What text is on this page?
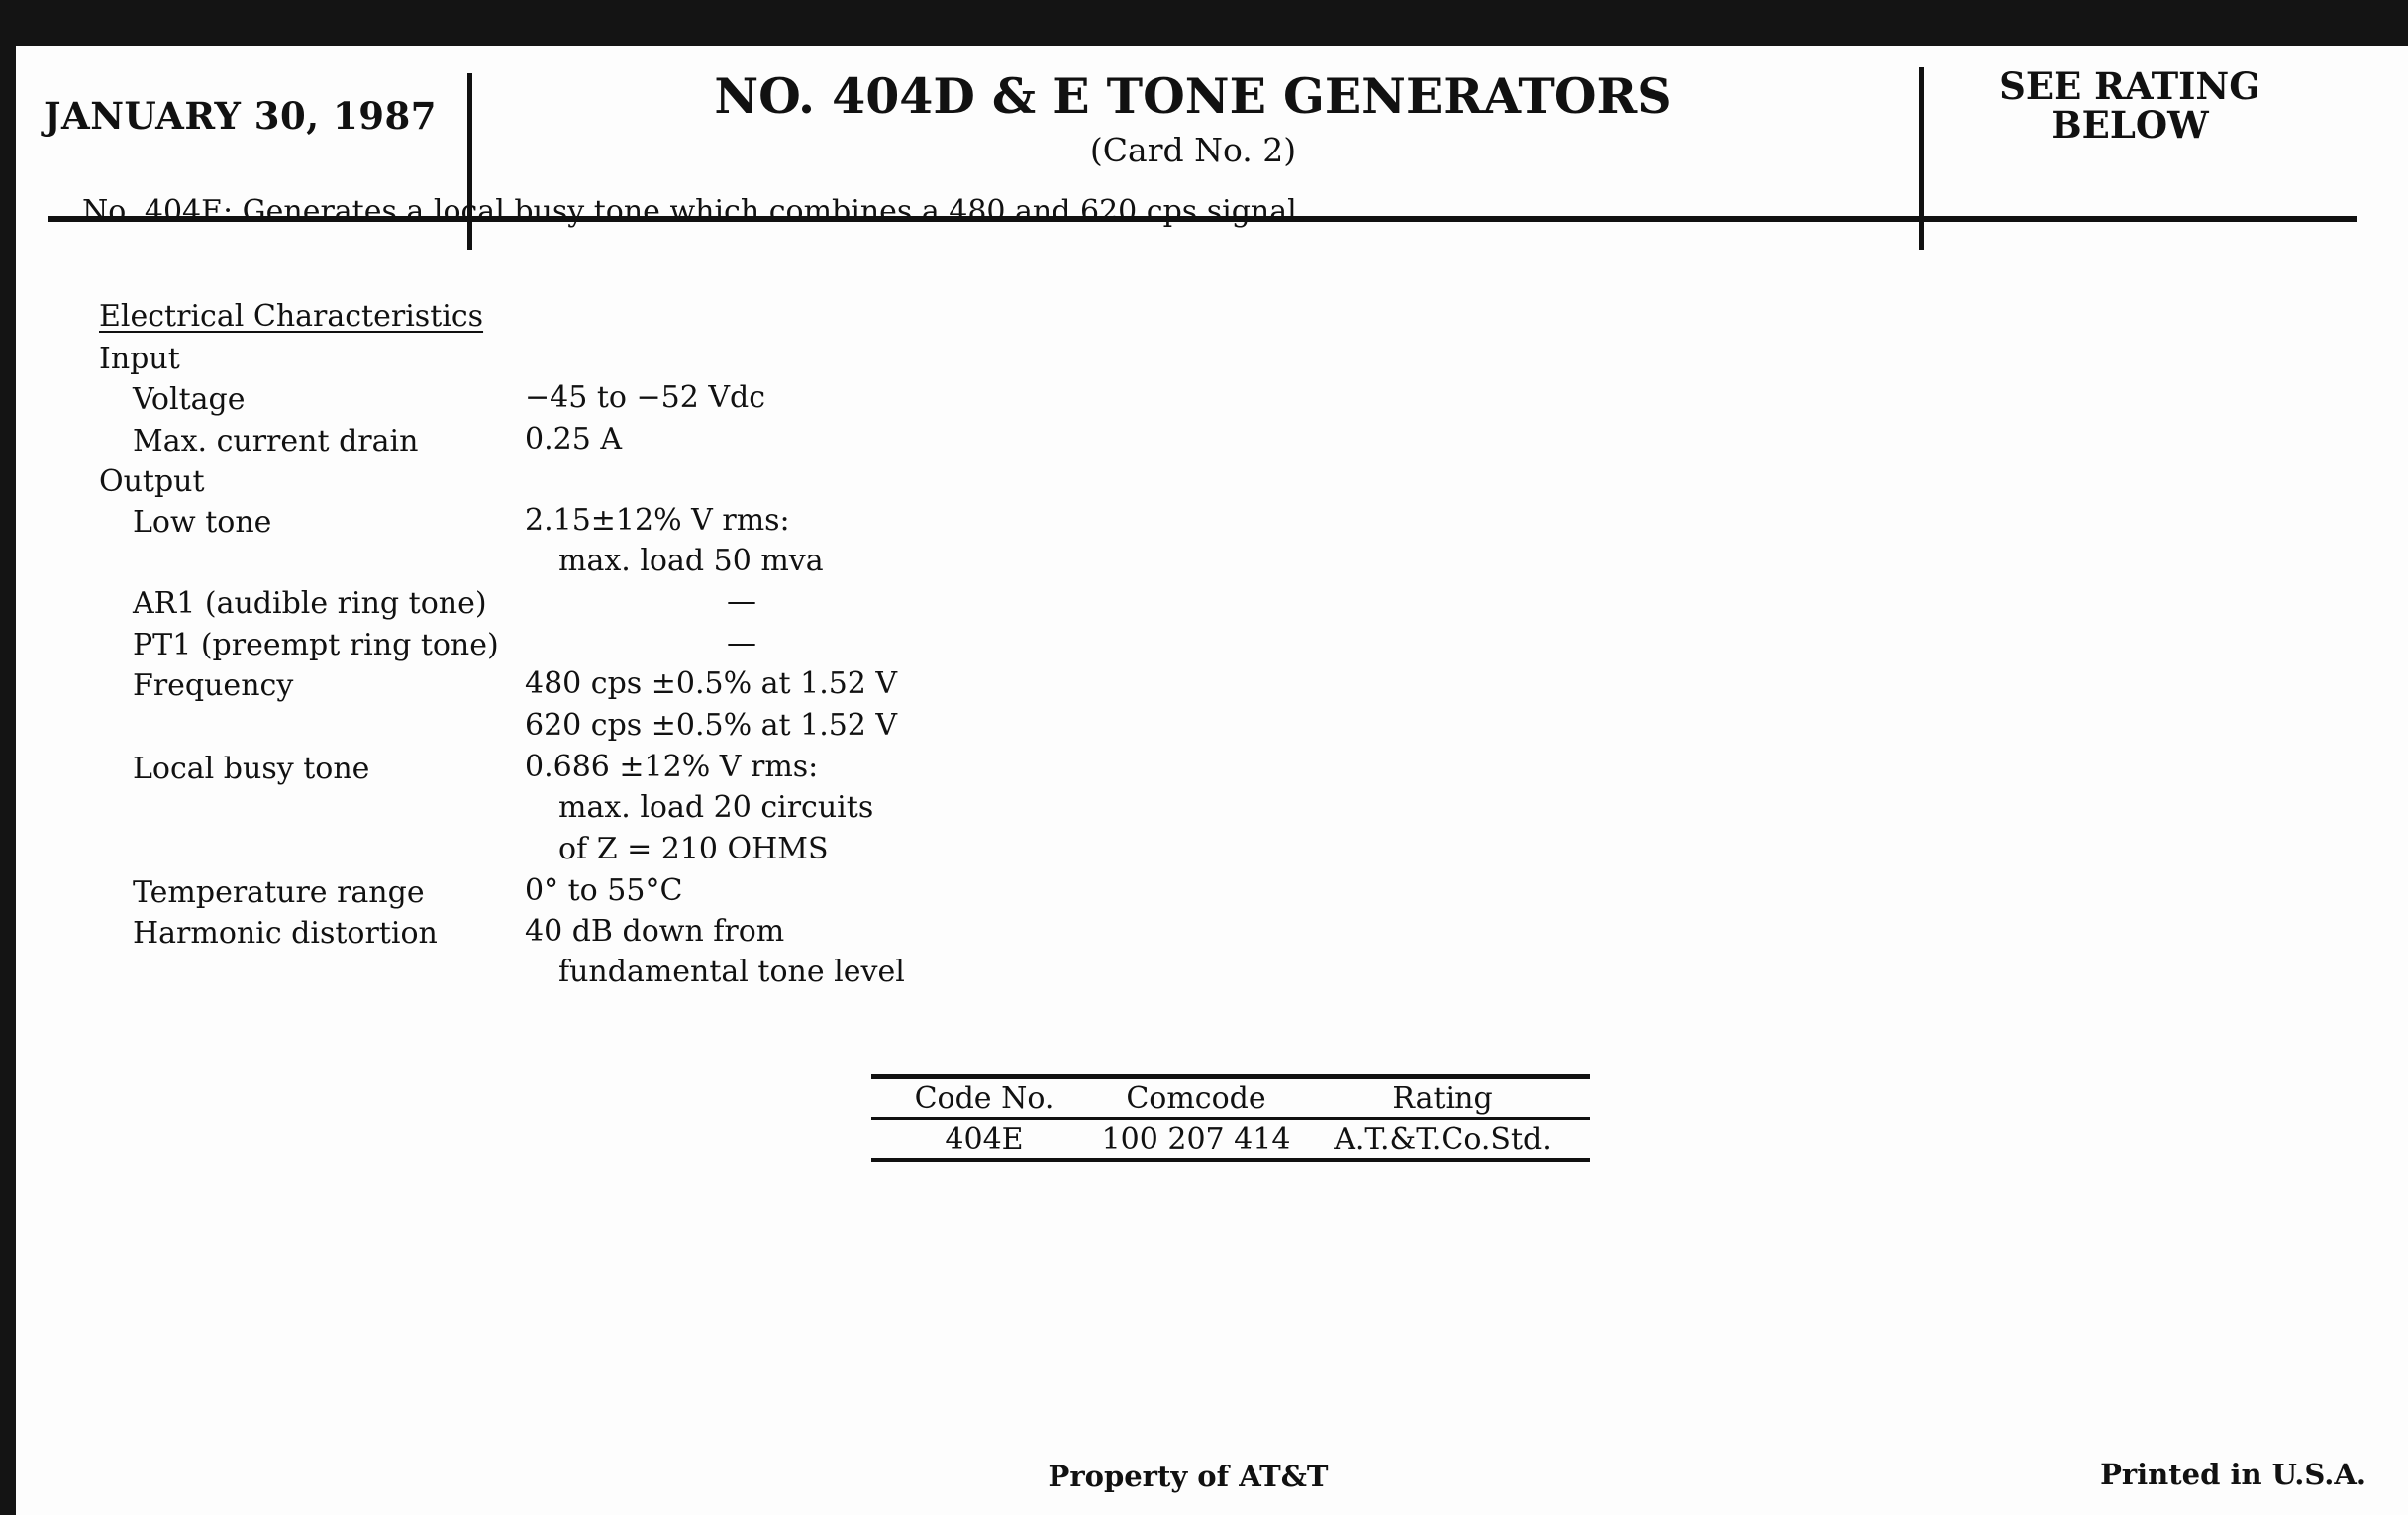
JANUARY 30, 1987	NO. 404D & E TONE GENERATORS
(Card No. 2)
SEE RATING
BELOW
No. 404E: Generates a local busy tone which combines a 480 and 620 cps signal.
Electrical Characteristics
Input
Voltage	−45 to −52 Vdc
Max. current drain	0.25 A
Output
Low tone	2.15±12% V rms:
max. load 50 mva
AR1 (audible ring tone)	—
PT1 (preempt ring tone)	—
Frequency	480 cps ±0.5% at 1.52 V
620 cps ±0.5% at 1.52 V
Local busy tone	0.686 ±12% V rms:
max. load 20 circuits
of Z = 210 OHMS
Temperature range	0° to 55°C
Harmonic distortion	40 dB down from
fundamental tone level
Code No.	Comcode	Rating
404E	100 207 414	A.T.&T.Co.Std.
Property of AT&T	Printed in U.S.A.
